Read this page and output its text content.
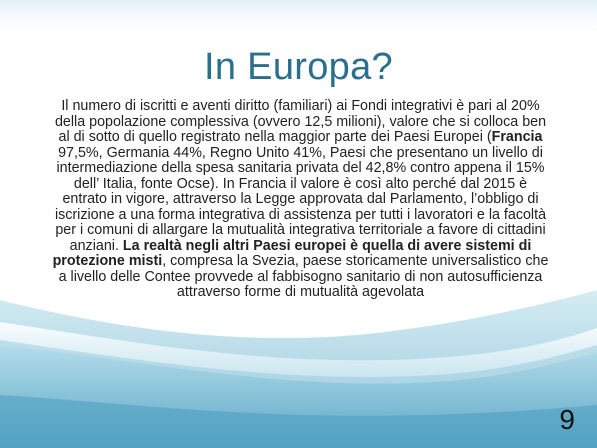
In Europa?
Il numero di iscritti e aventi diritto (familiari) ai Fondi integrativi è pari al 20% della popolazione complessiva (ovvero 12,5 milioni), valore che si colloca ben al di sotto di quello registrato nella maggior parte dei Paesi Europei (Francia 97,5%, Germania 44%, Regno Unito 41%, Paesi che presentano un livello di intermediazione della spesa sanitaria privata del 42,8% contro appena il 15% dell’ Italia, fonte Ocse). In Francia il valore è così alto perché dal 2015 è entrato in vigore, attraverso la Legge approvata dal Parlamento, l’obbligo di iscrizione a una forma integrativa di assistenza per tutti i lavoratori e la facoltà per i comuni di allargare la mutualità integrativa territoriale a favore di cittadini anziani. La realtà negli altri Paesi europei è quella di avere sistemi di protezione misti, compresa la Svezia, paese storicamente universalistico che a livello delle Contee provvede al fabbisogno sanitario di non autosufficienza attraverso forme di mutualità agevolata
9
